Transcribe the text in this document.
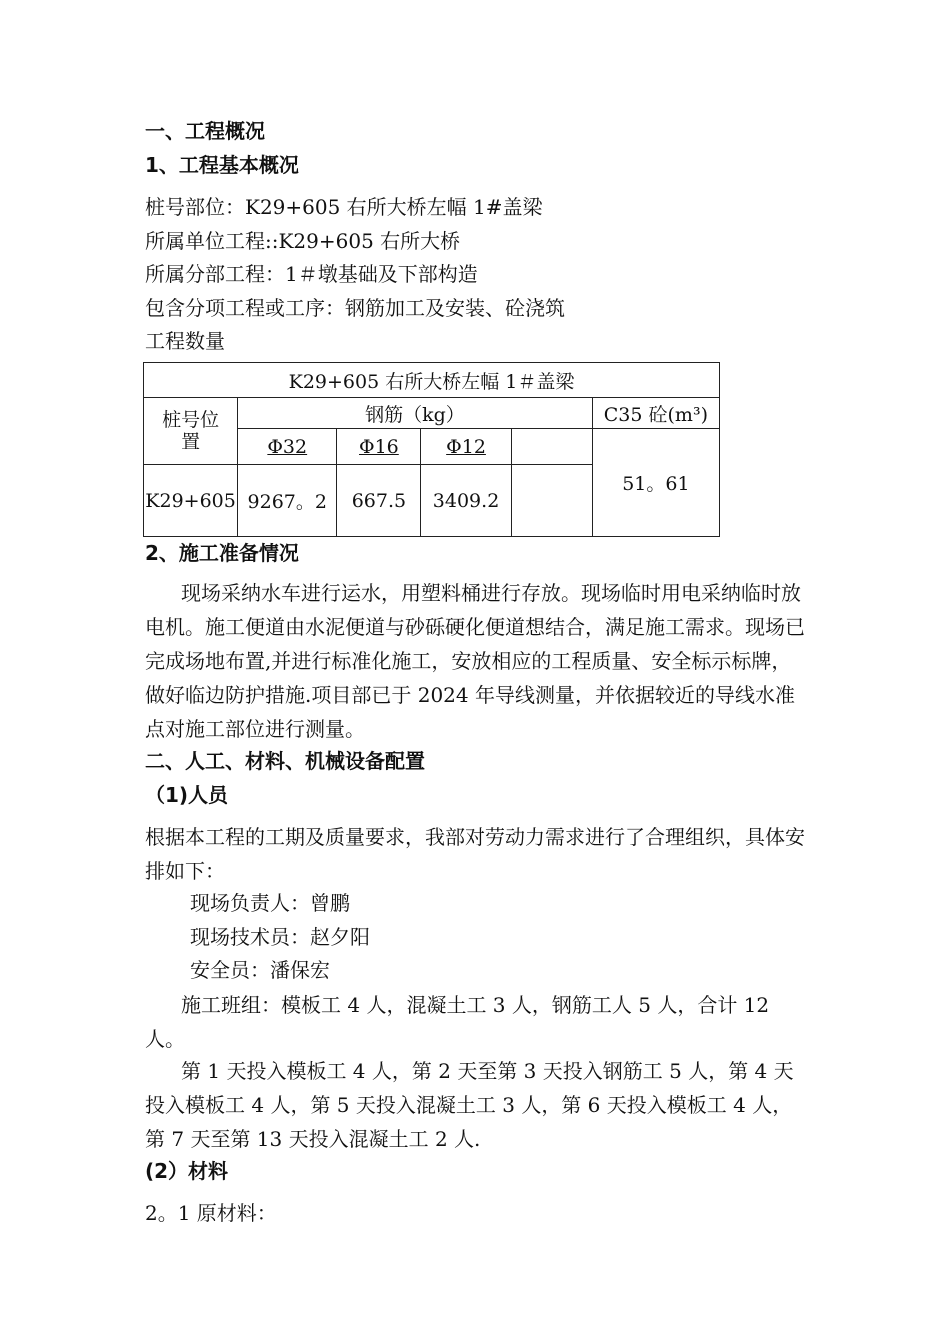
一、工程概况
1、工程基本概况
桩号部位：K29+605 右所大桥左幅 1#盖梁
所属单位工程::K29+605 右所大桥
所属分部工程：1＃墩基础及下部构造
包含分项工程或工序：钢筋加工及安装、砼浇筑
工程数量
K29+605 右所大桥左幅 1＃盖梁					
桩号位置	钢筋（kg）				C35 砼(m³)
	Φ32	Φ16	Φ12		51。61
K29+605	9267。2	667.5	3409.2		
2、施工准备情况
现场采纳水车进行运水，用塑料桶进行存放。现场临时用电采纳临时放电机。施工便道由水泥便道与砂砾硬化便道想结合，满足施工需求。现场已完成场地布置,并进行标准化施工，安放相应的工程质量、安全标示标牌，做好临边防护措施.项目部已于 2024 年导线测量，并依据较近的导线水准点对施工部位进行测量。
二、人工、材料、机械设备配置
（1)人员
根据本工程的工期及质量要求，我部对劳动力需求进行了合理组织，具体安排如下：
现场负责人：曾鹏
现场技术员：赵夕阳
安全员：潘保宏
施工班组：模板工 4 人，混凝土工 3 人，钢筋工人 5 人，合计 12 人。
第 1 天投入模板工 4 人，第 2 天至第 3 天投入钢筋工 5 人，第 4 天投入模板工 4 人，第 5 天投入混凝土工 3 人，第 6 天投入模板工 4 人，第 7 天至第 13 天投入混凝土工 2 人.
(2）材料
2。1 原材料：
